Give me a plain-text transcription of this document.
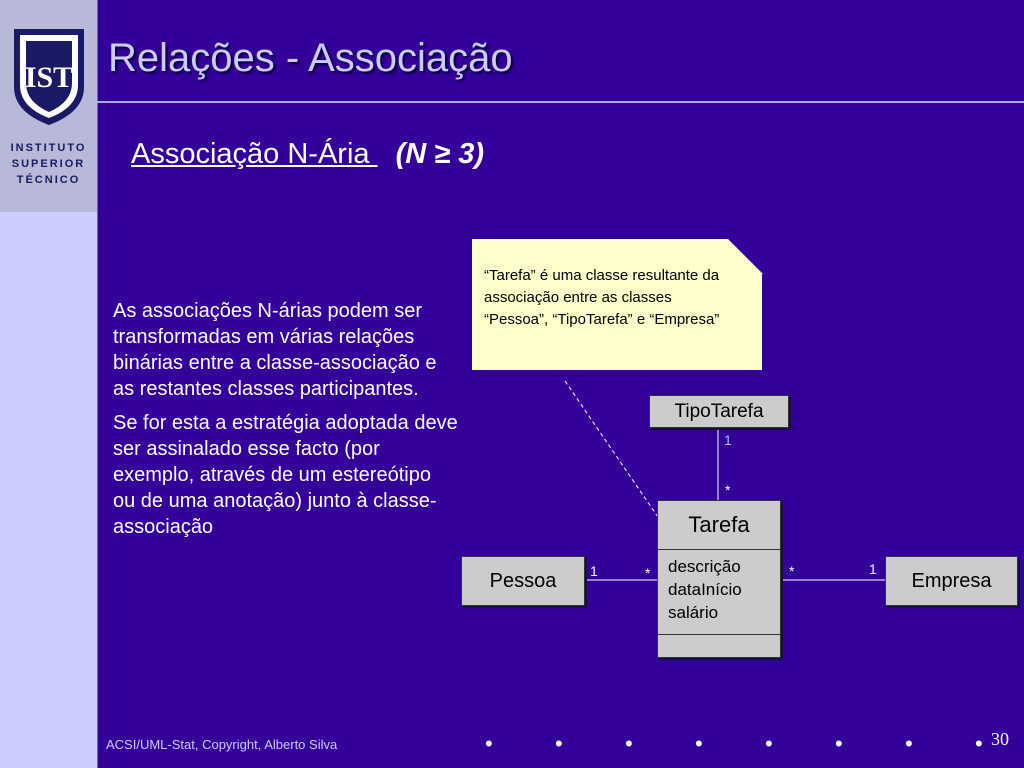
IST
INSTITUTO
SUPERIOR
TÉCNICO
Relações - Associação
Associação N-Ária (N ≥ 3)

As associações N-árias podem ser transformadas em várias relações binárias entre a classe-associação e as restantes classes participantes.

Se for esta a estratégia adoptada deve ser assinalado esse facto (por exemplo, através de um estereótipo ou de uma anotação) junto à classe-associação

“Tarefa” é uma classe resultante da
associação entre as classes
“Pessoa”, “TipoTarefa” e “Empresa”
TipoTarefa
Pessoa	Empresa
Tarefa
descrição
dataInício
salário
1
*
1	*	*	1
ACSI/UML-Stat, Copyright, Alberto Silva	•	•	•	•	•	•	•	• 30
